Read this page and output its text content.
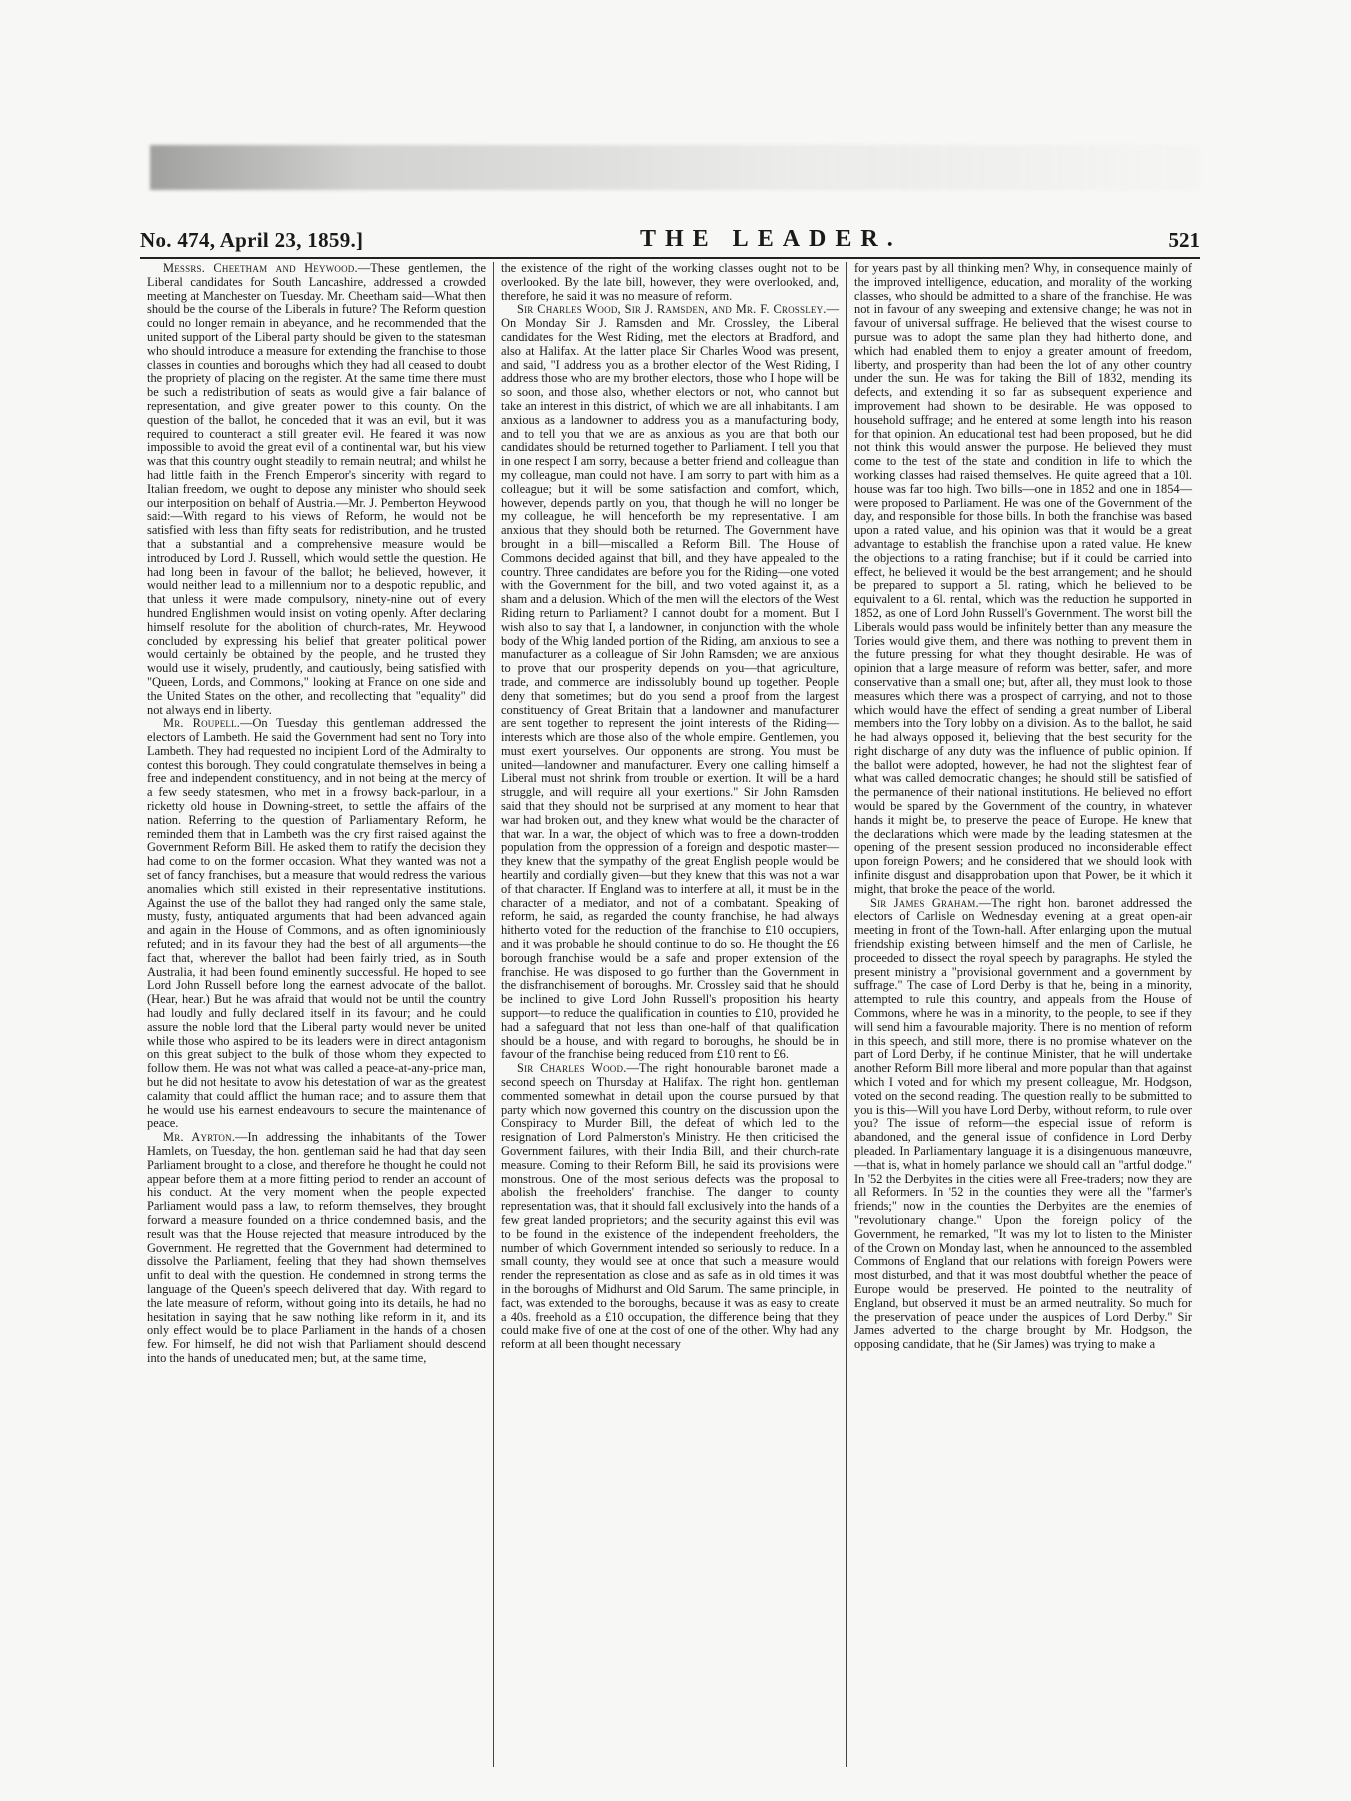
No. 474, April 23, 1859.]	THE LEADER.	521

Messrs. Cheetham and Heywood.—These gentlemen, the Liberal candidates for South Lancashire, addressed a crowded meeting at Manchester on Tuesday. Mr. Cheetham said—What then should be the course of the Liberals in future? The Reform question could no longer remain in abeyance, and he recommended that the united support of the Liberal party should be given to the statesman who should introduce a measure for extending the franchise to those classes in counties and boroughs which they had all ceased to doubt the propriety of placing on the register. At the same time there must be such a redistribution of seats as would give a fair balance of representation, and give greater power to this county. On the question of the ballot, he conceded that it was an evil, but it was required to counteract a still greater evil. He feared it was now impossible to avoid the great evil of a continental war, but his view was that this country ought steadily to remain neutral; and whilst he had little faith in the French Emperor's sincerity with regard to Italian freedom, we ought to depose any minister who should seek our interposition on behalf of Austria.—Mr. J. Pemberton Heywood said:—With regard to his views of Reform, he would not be satisfied with less than fifty seats for redistribution, and he trusted that a substantial and a comprehensive measure would be introduced by Lord J. Russell, which would settle the question. He had long been in favour of the ballot; he believed, however, it would neither lead to a millennium nor to a despotic republic, and that unless it were made compulsory, ninety-nine out of every hundred Englishmen would insist on voting openly. After declaring himself resolute for the abolition of church-rates, Mr. Heywood concluded by expressing his belief that greater political power would certainly be obtained by the people, and he trusted they would use it wisely, prudently, and cautiously, being satisfied with "Queen, Lords, and Commons," looking at France on one side and the United States on the other, and recollecting that "equality" did not always end in liberty.

Mr. Roupell.—On Tuesday this gentleman addressed the electors of Lambeth. He said the Government had sent no Tory into Lambeth. They had requested no incipient Lord of the Admiralty to contest this borough. They could congratulate themselves in being a free and independent constituency, and in not being at the mercy of a few seedy statesmen, who met in a frowsy back-parlour, in a ricketty old house in Downing-street, to settle the affairs of the nation. Referring to the question of Parliamentary Reform, he reminded them that in Lambeth was the cry first raised against the Government Reform Bill. He asked them to ratify the decision they had come to on the former occasion. What they wanted was not a set of fancy franchises, but a measure that would redress the various anomalies which still existed in their representative institutions. Against the use of the ballot they had ranged only the same stale, musty, fusty, antiquated arguments that had been advanced again and again in the House of Commons, and as often ignominiously refuted; and in its favour they had the best of all arguments—the fact that, wherever the ballot had been fairly tried, as in South Australia, it had been found eminently successful. He hoped to see Lord John Russell before long the earnest advocate of the ballot. (Hear, hear.) But he was afraid that would not be until the country had loudly and fully declared itself in its favour; and he could assure the noble lord that the Liberal party would never be united while those who aspired to be its leaders were in direct antagonism on this great subject to the bulk of those whom they expected to follow them. He was not what was called a peace-at-any-price man, but he did not hesitate to avow his detestation of war as the greatest calamity that could afflict the human race; and to assure them that he would use his earnest endeavours to secure the maintenance of peace.

Mr. Ayrton.—In addressing the inhabitants of the Tower Hamlets, on Tuesday, the hon. gentleman said he had that day seen Parliament brought to a close, and therefore he thought he could not appear before them at a more fitting period to render an account of his conduct. At the very moment when the people expected Parliament would pass a law, to reform themselves, they brought forward a measure founded on a thrice condemned basis, and the result was that the House rejected that measure introduced by the Government. He regretted that the Government had determined to dissolve the Parliament, feeling that they had shown themselves unfit to deal with the question. He condemned in strong terms the language of the Queen's speech delivered that day. With regard to the late measure of reform, without going into its details, he had no hesitation in saying that he saw nothing like reform in it, and its only effect would be to place Parliament in the hands of a chosen few. For himself, he did not wish that Parliament should descend into the hands of uneducated men; but, at the same time,

the existence of the right of the working classes ought not to be overlooked. By the late bill, however, they were overlooked, and, therefore, he said it was no measure of reform.

Sir Charles Wood, Sir J. Ramsden, and Mr. F. Crossley.—On Monday Sir J. Ramsden and Mr. Crossley, the Liberal candidates for the West Riding, met the electors at Bradford, and also at Halifax. At the latter place Sir Charles Wood was present, and said, "I address you as a brother elector of the West Riding, I address those who are my brother electors, those who I hope will be so soon, and those also, whether electors or not, who cannot but take an interest in this district, of which we are all inhabitants. I am anxious as a landowner to address you as a manufacturing body, and to tell you that we are as anxious as you are that both our candidates should be returned together to Parliament. I tell you that in one respect I am sorry, because a better friend and colleague than my colleague, man could not have. I am sorry to part with him as a colleague; but it will be some satisfaction and comfort, which, however, depends partly on you, that though he will no longer be my colleague, he will henceforth be my representative. I am anxious that they should both be returned. The Government have brought in a bill—miscalled a Reform Bill. The House of Commons decided against that bill, and they have appealed to the country. Three candidates are before you for the Riding—one voted with the Government for the bill, and two voted against it, as a sham and a delusion. Which of the men will the electors of the West Riding return to Parliament? I cannot doubt for a moment. But I wish also to say that I, a landowner, in conjunction with the whole body of the Whig landed portion of the Riding, am anxious to see a manufacturer as a colleague of Sir John Ramsden; we are anxious to prove that our prosperity depends on you—that agriculture, trade, and commerce are indissolubly bound up together. People deny that sometimes; but do you send a proof from the largest constituency of Great Britain that a landowner and manufacturer are sent together to represent the joint interests of the Riding—interests which are those also of the whole empire. Gentlemen, you must exert yourselves. Our opponents are strong. You must be united—landowner and manufacturer. Every one calling himself a Liberal must not shrink from trouble or exertion. It will be a hard struggle, and will require all your exertions." Sir John Ramsden said that they should not be surprised at any moment to hear that war had broken out, and they knew what would be the character of that war. In a war, the object of which was to free a down-trodden population from the oppression of a foreign and despotic master—they knew that the sympathy of the great English people would be heartily and cordially given—but they knew that this was not a war of that character. If England was to interfere at all, it must be in the character of a mediator, and not of a combatant. Speaking of reform, he said, as regarded the county franchise, he had always hitherto voted for the reduction of the franchise to £10 occupiers, and it was probable he should continue to do so. He thought the £6 borough franchise would be a safe and proper extension of the franchise. He was disposed to go further than the Government in the disfranchisement of boroughs. Mr. Crossley said that he should be inclined to give Lord John Russell's proposition his hearty support—to reduce the qualification in counties to £10, provided he had a safeguard that not less than one-half of that qualification should be a house, and with regard to boroughs, he should be in favour of the franchise being reduced from £10 rent to £6.

Sir Charles Wood.—The right honourable baronet made a second speech on Thursday at Halifax. The right hon. gentleman commented somewhat in detail upon the course pursued by that party which now governed this country on the discussion upon the Conspiracy to Murder Bill, the defeat of which led to the resignation of Lord Palmerston's Ministry. He then criticised the Government failures, with their India Bill, and their church-rate measure. Coming to their Reform Bill, he said its provisions were monstrous. One of the most serious defects was the proposal to abolish the freeholders' franchise. The danger to county representation was, that it should fall exclusively into the hands of a few great landed proprietors; and the security against this evil was to be found in the existence of the independent freeholders, the number of which Government intended so seriously to reduce. In a small county, they would see at once that such a measure would render the representation as close and as safe as in old times it was in the boroughs of Midhurst and Old Sarum. The same principle, in fact, was extended to the boroughs, because it was as easy to create a 40s. freehold as a £10 occupation, the difference being that they could make five of one at the cost of one of the other. Why had any reform at all been thought necessary

for years past by all thinking men? Why, in consequence mainly of the improved intelligence, education, and morality of the working classes, who should be admitted to a share of the franchise. He was not in favour of any sweeping and extensive change; he was not in favour of universal suffrage. He believed that the wisest course to pursue was to adopt the same plan they had hitherto done, and which had enabled them to enjoy a greater amount of freedom, liberty, and prosperity than had been the lot of any other country under the sun. He was for taking the Bill of 1832, mending its defects, and extending it so far as subsequent experience and improvement had shown to be desirable. He was opposed to household suffrage; and he entered at some length into his reason for that opinion. An educational test had been proposed, but he did not think this would answer the purpose. He believed they must come to the test of the state and condition in life to which the working classes had raised themselves. He quite agreed that a 10l. house was far too high. Two bills—one in 1852 and one in 1854—were proposed to Parliament. He was one of the Government of the day, and responsible for those bills. In both the franchise was based upon a rated value, and his opinion was that it would be a great advantage to establish the franchise upon a rated value. He knew the objections to a rating franchise; but if it could be carried into effect, he believed it would be the best arrangement; and he should be prepared to support a 5l. rating, which he believed to be equivalent to a 6l. rental, which was the reduction he supported in 1852, as one of Lord John Russell's Government. The worst bill the Liberals would pass would be infinitely better than any measure the Tories would give them, and there was nothing to prevent them in the future pressing for what they thought desirable. He was of opinion that a large measure of reform was better, safer, and more conservative than a small one; but, after all, they must look to those measures which there was a prospect of carrying, and not to those which would have the effect of sending a great number of Liberal members into the Tory lobby on a division. As to the ballot, he said he had always opposed it, believing that the best security for the right discharge of any duty was the influence of public opinion. If the ballot were adopted, however, he had not the slightest fear of what was called democratic changes; he should still be satisfied of the permanence of their national institutions. He believed no effort would be spared by the Government of the country, in whatever hands it might be, to preserve the peace of Europe. He knew that the declarations which were made by the leading statesmen at the opening of the present session produced no inconsiderable effect upon foreign Powers; and he considered that we should look with infinite disgust and disapprobation upon that Power, be it which it might, that broke the peace of the world.

Sir James Graham.—The right hon. baronet addressed the electors of Carlisle on Wednesday evening at a great open-air meeting in front of the Town-hall. After enlarging upon the mutual friendship existing between himself and the men of Carlisle, he proceeded to dissect the royal speech by paragraphs. He styled the present ministry a "provisional government and a government by suffrage." The case of Lord Derby is that he, being in a minority, attempted to rule this country, and appeals from the House of Commons, where he was in a minority, to the people, to see if they will send him a favourable majority. There is no mention of reform in this speech, and still more, there is no promise whatever on the part of Lord Derby, if he continue Minister, that he will undertake another Reform Bill more liberal and more popular than that against which I voted and for which my present colleague, Mr. Hodgson, voted on the second reading. The question really to be submitted to you is this—Will you have Lord Derby, without reform, to rule over you? The issue of reform—the especial issue of reform is abandoned, and the general issue of confidence in Lord Derby pleaded. In Parliamentary language it is a disingenuous manœuvre,—that is, what in homely parlance we should call an "artful dodge." In '52 the Derbyites in the cities were all Free-traders; now they are all Reformers. In '52 in the counties they were all the "farmer's friends;" now in the counties the Derbyites are the enemies of "revolutionary change." Upon the foreign policy of the Government, he remarked, "It was my lot to listen to the Minister of the Crown on Monday last, when he announced to the assembled Commons of England that our relations with foreign Powers were most disturbed, and that it was most doubtful whether the peace of Europe would be preserved. He pointed to the neutrality of England, but observed it must be an armed neutrality. So much for the preservation of peace under the auspices of Lord Derby." Sir James adverted to the charge brought by Mr. Hodgson, the opposing candidate, that he (Sir James) was trying to make a
